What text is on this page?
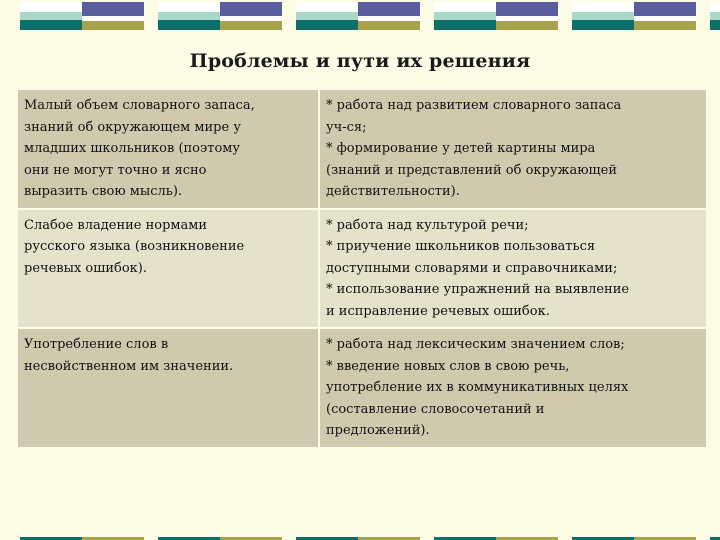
Проблемы и пути их решения
Малый объем словарного запаса,
знаний об окружающем мире у
младших школьников (поэтому
они не могут точно и ясно
выразить свою мысль).	* работа над развитием словарного запаса
уч-ся;
* формирование у детей картины мира
(знаний и представлений об окружающей
действительности).

Слабое владение нормами
русского языка (возникновение
речевых ошибок).	* работа над культурой речи;
* приучение школьников пользоваться
доступными словарями и справочниками;
* использование упражнений на выявление
и исправление речевых ошибок.

Употребление слов в
несвойственном им значении.	* работа над лексическим значением слов;
* введение новых слов в свою речь,
употребление их в коммуникативных целях
(составление словосочетаний и
предложений).
